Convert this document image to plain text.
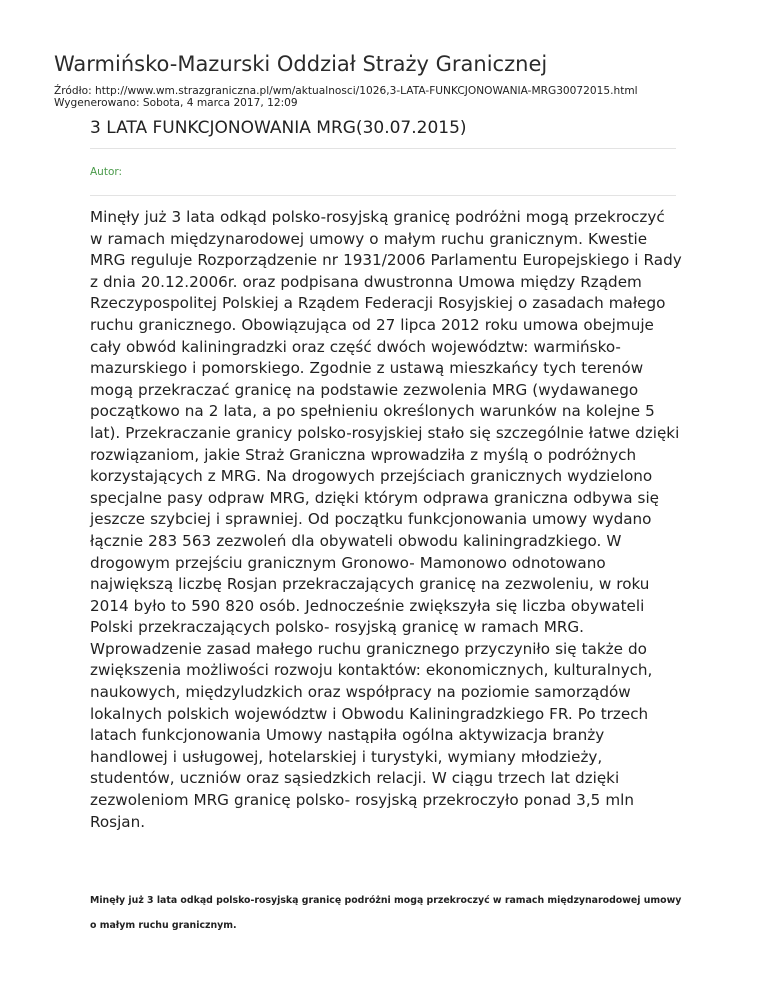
Warmińsko-Mazurski Oddział Straży Granicznej
Źródło: http://www.wm.strazgraniczna.pl/wm/aktualnosci/1026,3-LATA-FUNKCJONOWANIA-MRG30072015.html
Wygenerowano: Sobota, 4 marca 2017, 12:09
3 LATA FUNKCJONOWANIA MRG(30.07.2015)
Autor:

Minęły już 3 lata odkąd polsko-rosyjską granicę podróżni mogą przekroczyć w ramach międzynarodowej umowy o małym ruchu granicznym. Kwestie MRG reguluje Rozporządzenie nr 1931/2006 Parlamentu Europejskiego i Rady z dnia 20.12.2006r. oraz podpisana dwustronna Umowa między Rządem Rzeczypospolitej Polskiej a Rządem Federacji Rosyjskiej o zasadach małego ruchu granicznego. Obowiązująca od 27 lipca 2012 roku umowa obejmuje cały obwód kaliningradzki oraz część dwóch województw: warmińsko-mazurskiego i pomorskiego. Zgodnie z ustawą mieszkańcy tych terenów mogą przekraczać granicę na podstawie zezwolenia MRG (wydawanego początkowo na 2 lata, a po spełnieniu określonych warunków na kolejne 5 lat). Przekraczanie granicy polsko-rosyjskiej stało się szczególnie łatwe dzięki rozwiązaniom, jakie Straż Graniczna wprowadziła z myślą o podróżnych korzystających z MRG. Na drogowych przejściach granicznych wydzielono specjalne pasy odpraw MRG, dzięki którym odprawa graniczna odbywa się jeszcze szybciej i sprawniej. Od początku funkcjonowania umowy wydano łącznie 283 563 zezwoleń dla obywateli obwodu kaliningradzkiego. W drogowym przejściu granicznym Gronowo- Mamonowo odnotowano największą liczbę Rosjan przekraczających granicę na zezwoleniu, w roku 2014 było to 590 820 osób. Jednocześnie zwiększyła się liczba obywateli Polski przekraczających polsko- rosyjską granicę w ramach MRG. Wprowadzenie zasad małego ruchu granicznego przyczyniło się także do zwiększenia możliwości rozwoju kontaktów: ekonomicznych, kulturalnych, naukowych, międzyludzkich oraz współpracy na poziomie samorządów lokalnych polskich województw i Obwodu Kaliningradzkiego FR. Po trzech latach funkcjonowania Umowy nastąpiła ogólna aktywizacja branży handlowej i usługowej, hotelarskiej i turystyki, wymiany młodzieży, studentów, uczniów oraz sąsiedzkich relacji. W ciągu trzech lat dzięki zezwoleniom MRG granicę polsko- rosyjską przekroczyło ponad 3,5 mln Rosjan.

Minęły już 3 lata odkąd polsko-rosyjską granicę podróżni mogą przekroczyć w ramach międzynarodowej umowy o małym ruchu granicznym.
